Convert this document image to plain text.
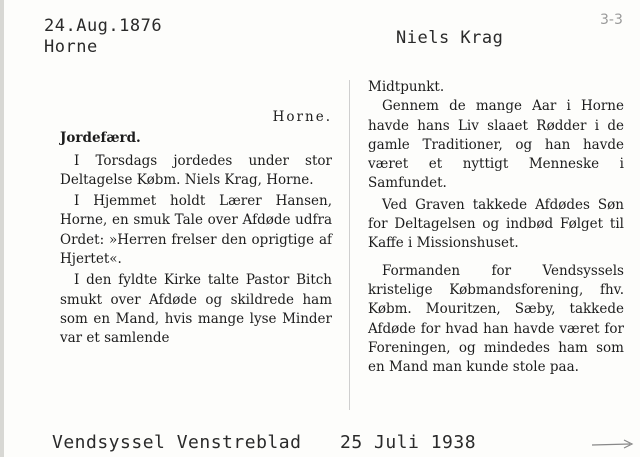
24.Aug.1876
Horne	Niels Krag
3-3

Horne.

Jordefærd.

I Torsdags jordedes under stor Deltagelse Købm. Niels Krag, Horne.

I Hjemmet holdt Lærer Hansen, Horne, en smuk Tale over Afdøde udfra Ordet: »Herren frelser den oprigtige af Hjertet«.

I den fyldte Kirke talte Pastor Bitch smukt over Afdøde og skildrede ham som en Mand, hvis mange lyse Minder var et samlende

Midtpunkt.

Gennem de mange Aar i Horne havde hans Liv slaaet Rødder i de gamle Traditioner, og han havde været et nyttigt Menneske i Samfundet.

Ved Graven takkede Afdødes Søn for Deltagelsen og indbød Følget til Kaffe i Missionshuset.

Formanden for Vendsyssels kristelige Købmandsforening, fhv. Købm. Mouritzen, Sæby, takkede Afdøde for hvad han havde været for Foreningen, og mindedes ham som en Mand man kunde stole paa.

Vendsyssel Venstreblad 25 Juli 1938
